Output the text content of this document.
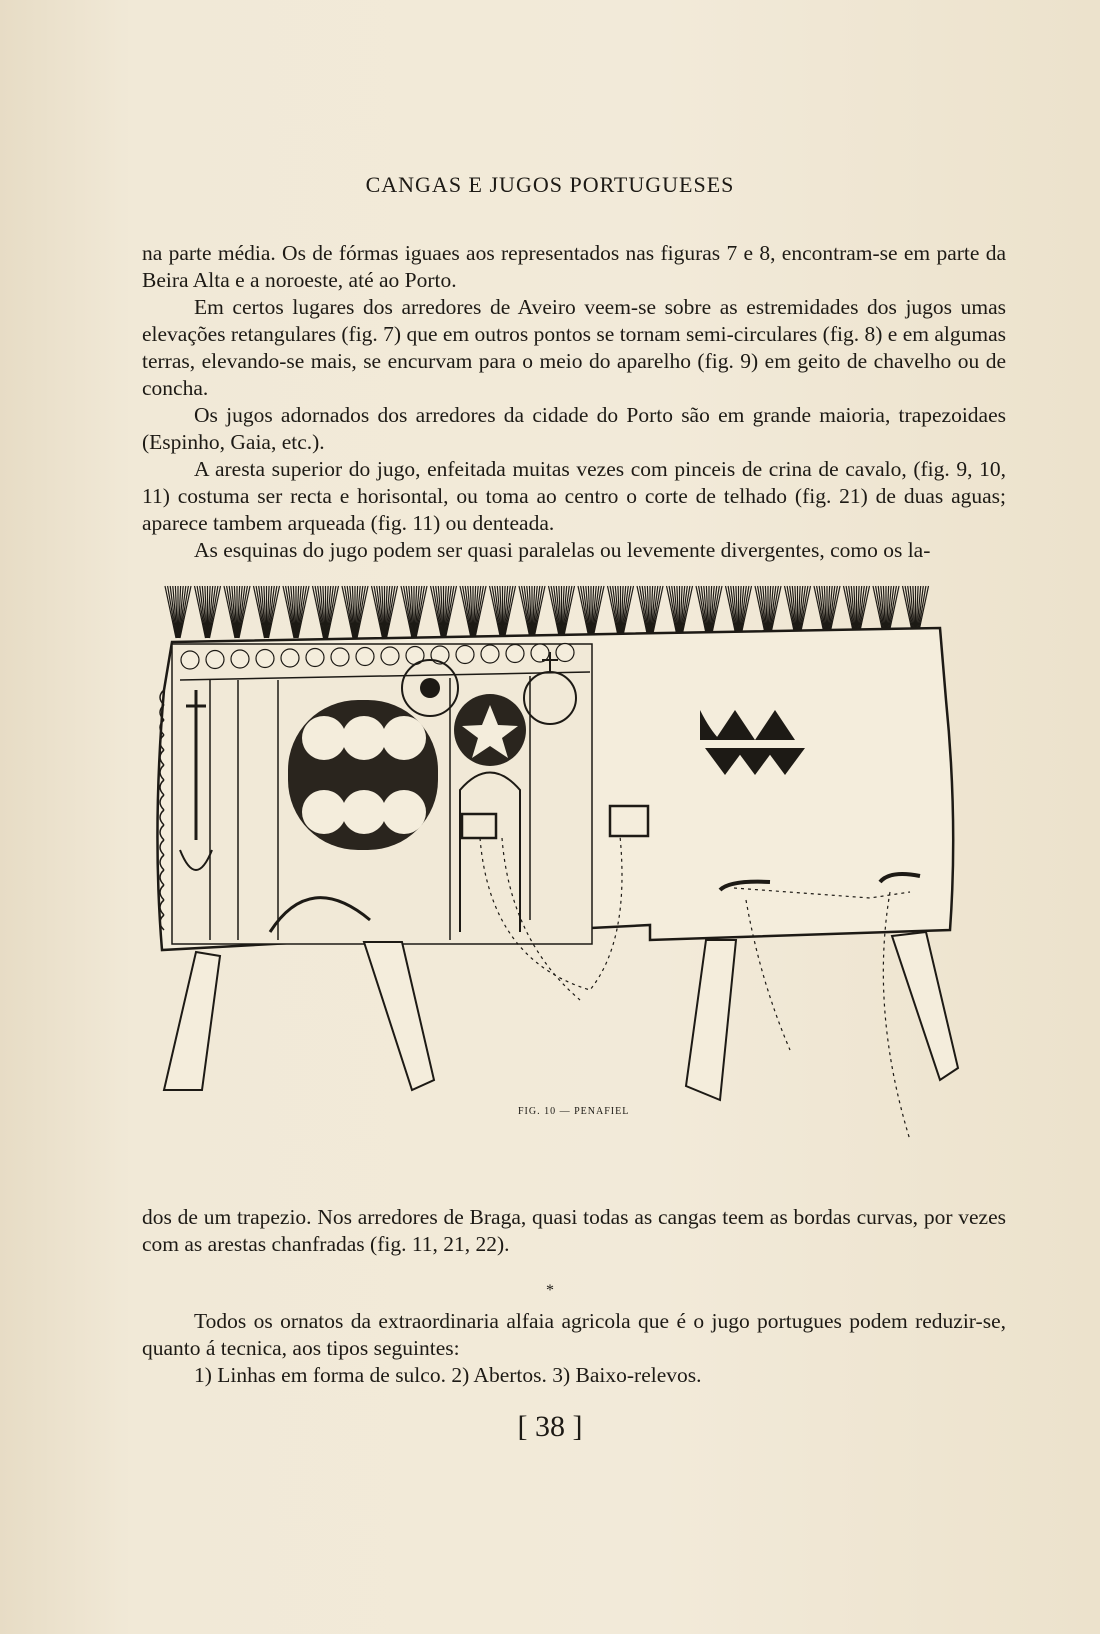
CANGAS E JUGOS PORTUGUESES

na parte média. Os de fórmas iguaes aos representados nas figuras 7 e 8, encontram-se em parte da Beira Alta e a noroeste, até ao Porto.

Em certos lugares dos arredores de Aveiro veem-se sobre as estremidades dos jugos umas elevações retangulares (fig. 7) que em outros pontos se tornam semi-circulares (fig. 8) e em algumas terras, elevando-se mais, se encurvam para o meio do aparelho (fig. 9) em geito de chavelho ou de concha.

Os jugos adornados dos arredores da cidade do Porto são em grande maioria, trapezoidaes (Espinho, Gaia, etc.).

A aresta superior do jugo, enfeitada muitas vezes com pinceis de crina de cavalo, (fig. 9, 10, 11) costuma ser recta e horisontal, ou toma ao centro o corte de telhado (fig. 21) de duas aguas; aparece tambem arqueada (fig. 11) ou denteada.

As esquinas do jugo podem ser quasi paralelas ou levemente divergentes, como os la-

FIG. 10 — PENAFIEL

dos de um trapezio. Nos arredores de Braga, quasi todas as cangas teem as bordas curvas, por vezes com as arestas chanfradas (fig. 11, 21, 22).

*

Todos os ornatos da extraordinaria alfaia agricola que é o jugo portugues podem reduzir-se, quanto á tecnica, aos tipos seguintes:

1) Linhas em forma de sulco. 2) Abertos. 3) Baixo-relevos.

[ 38 ]
